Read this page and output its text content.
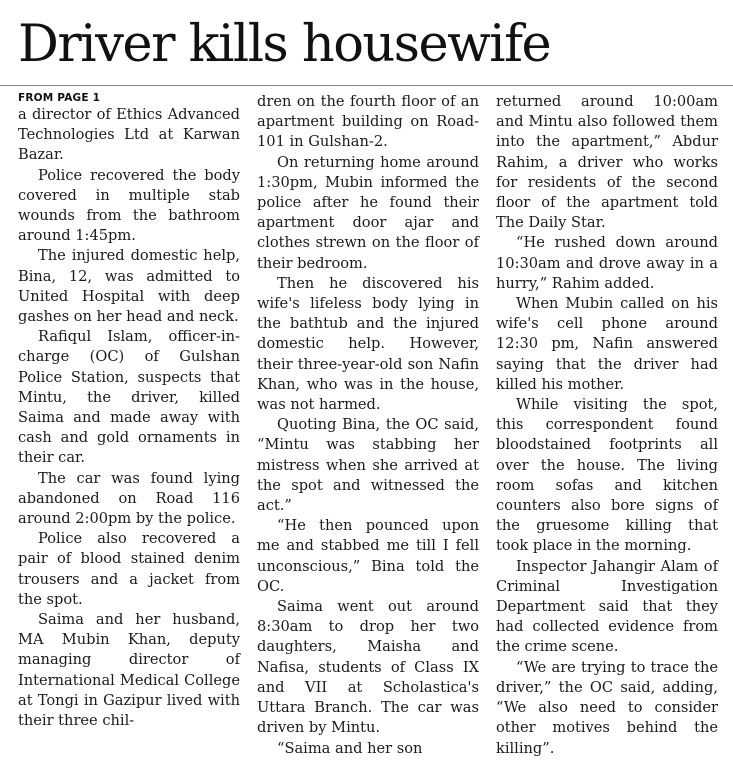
Driver kills housewife
FROM PAGE 1

a director of Ethics Advanced Technologies Ltd at Karwan Bazar.

Police recovered the body covered in multiple stab wounds from the bathroom around 1:45pm.

The injured domestic help, Bina, 12, was admitted to United Hospital with deep gashes on her head and neck.

Rafiqul Islam, officer-in-charge (OC) of Gulshan Police Station, suspects that Mintu, the driver, killed Saima and made away with cash and gold ornaments in their car.

The car was found lying abandoned on Road 116 around 2:00pm by the police.

Police also recovered a pair of blood stained denim trousers and a jacket from the spot.

Saima and her husband, MA Mubin Khan, deputy managing director of International Medical College at Tongi in Gazipur lived with their three chil-

dren on the fourth floor of an apartment building on Road-101 in Gulshan-2.

On returning home around 1:30pm, Mubin informed the police after he found their apartment door ajar and clothes strewn on the floor of their bedroom.

Then he discovered his wife's lifeless body lying in the bathtub and the injured domestic help. However, their three-year-old son Nafin Khan, who was in the house, was not harmed.

Quoting Bina, the OC said, “Mintu was stabbing her mistress when she arrived at the spot and witnessed the act.”

“He then pounced upon me and stabbed me till I fell unconscious,” Bina told the OC.

Saima went out around 8:30am to drop her two daughters, Maisha and Nafisa, students of Class IX and VII at Scholastica's Uttara Branch. The car was driven by Mintu.

“Saima and her son

returned around 10:00am and Mintu also followed them into the apartment,” Abdur Rahim, a driver who works for residents of the second floor of the apartment told The Daily Star.

“He rushed down around 10:30am and drove away in a hurry,” Rahim added.

When Mubin called on his wife's cell phone around 12:30 pm, Nafin answered saying that the driver had killed his mother.

While visiting the spot, this correspondent found bloodstained footprints all over the house. The living room sofas and kitchen counters also bore signs of the gruesome killing that took place in the morning.

Inspector Jahangir Alam of Criminal Investigation Department said that they had collected evidence from the crime scene.

“We are trying to trace the driver,” the OC said, adding, “We also need to consider other motives behind the killing”.
